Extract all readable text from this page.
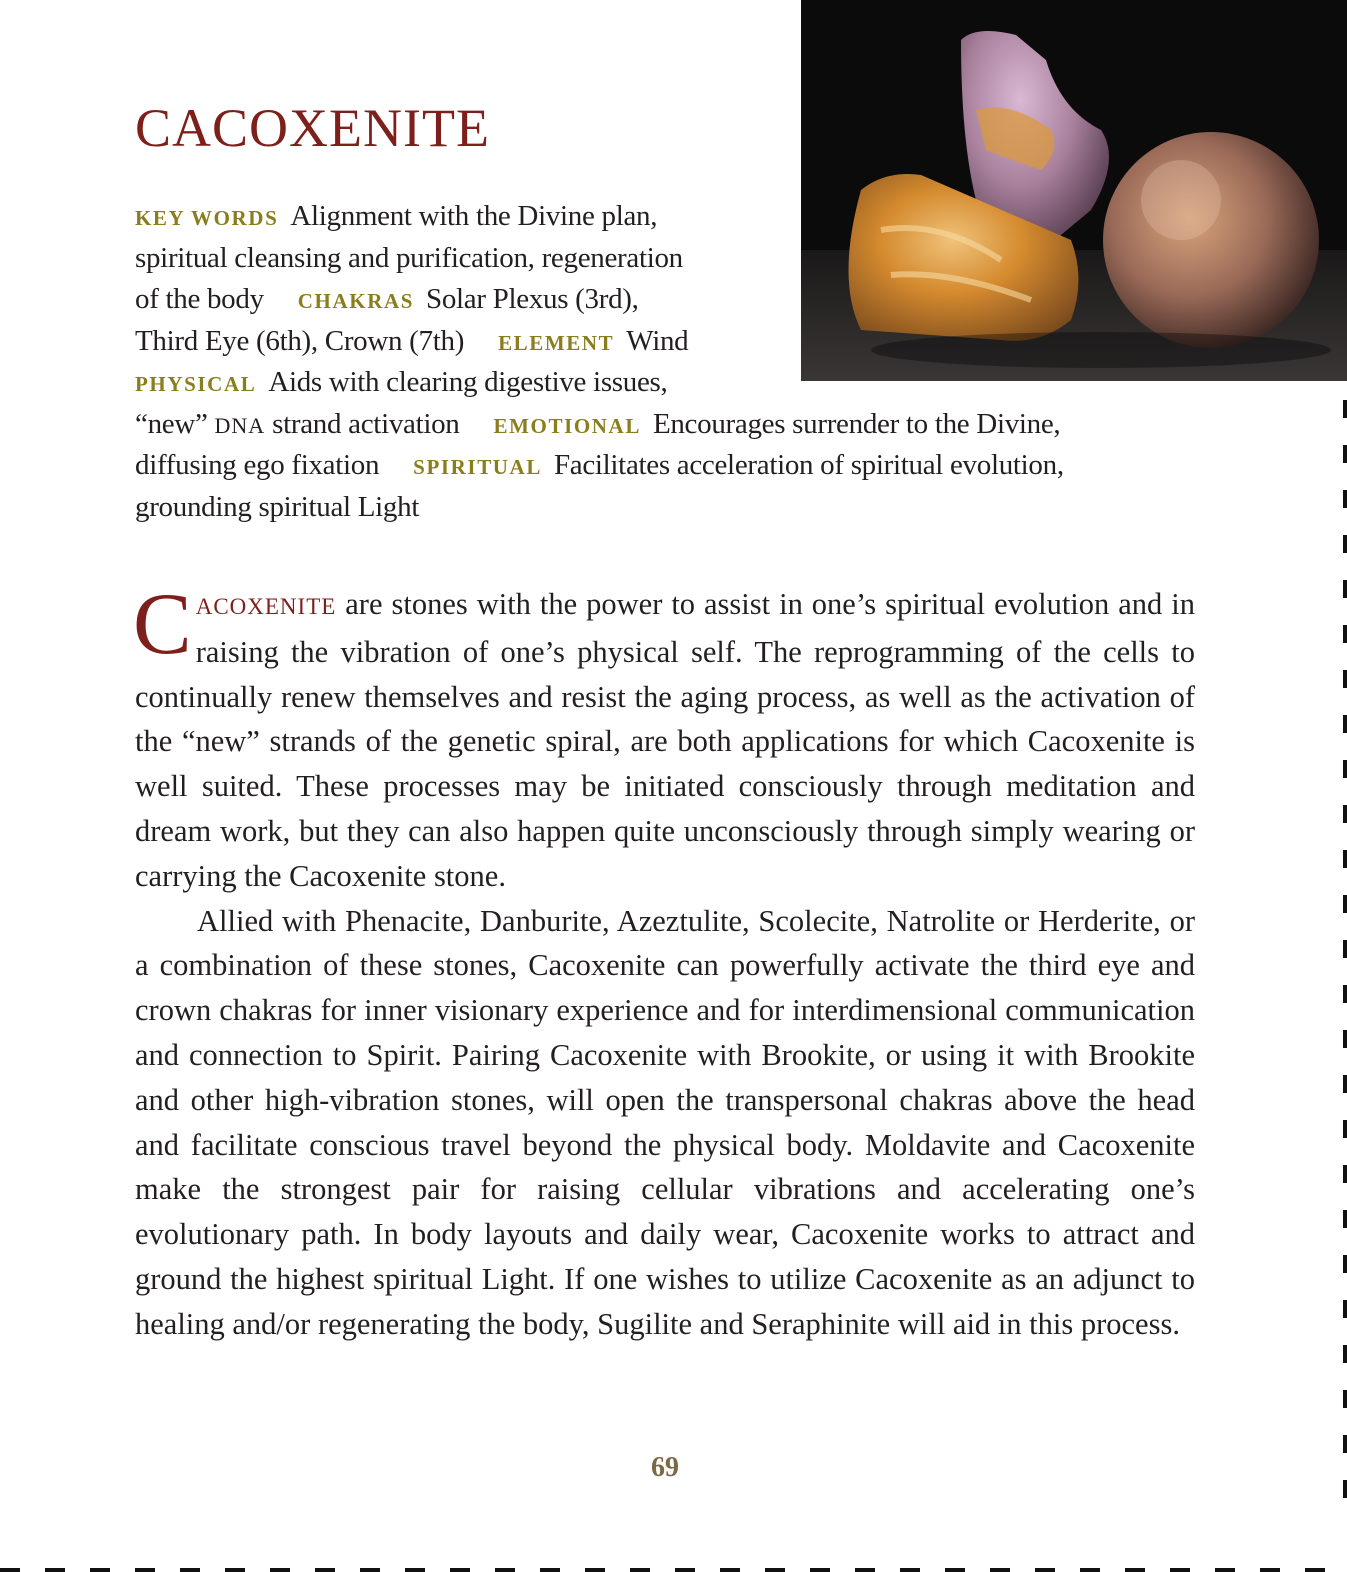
CACOXENITE
KEY WORDS Alignment with the Divine plan,
spiritual cleansing and purification, regeneration
of the body CHAKRAS Solar Plexus (3rd),
Third Eye (6th), Crown (7th) ELEMENT Wind
PHYSICAL Aids with clearing digestive issues,
“new” DNA strand activation EMOTIONAL Encourages surrender to the Divine,
diffusing ego fixation SPIRITUAL Facilitates acceleration of spiritual evolution,
grounding spiritual Light

CACOXENITE are stones with the power to assist in one’s spiritual evolution and in raising the vibration of one’s physical self. The reprogramming of the cells to continually renew themselves and resist the aging process, as well as the activation of the “new” strands of the genetic spiral, are both applications for which Cacoxenite is well suited. These processes may be initiated consciously through meditation and dream work, but they can also happen quite unconsciously through simply wearing or carrying the Cacoxenite stone.

Allied with Phenacite, Danburite, Azeztulite, Scolecite, Natrolite or Herderite, or a combination of these stones, Cacoxenite can powerfully activate the third eye and crown chakras for inner visionary experience and for interdimensional communication and connection to Spirit. Pairing Cacoxenite with Brookite, or using it with Brookite and other high-vibration stones, will open the transpersonal chakras above the head and facilitate conscious travel beyond the physical body. Moldavite and Cacoxenite make the strongest pair for raising cellular vibrations and accelerating one’s evolutionary path. In body layouts and daily wear, Cacoxenite works to attract and ground the highest spiritual Light. If one wishes to utilize Cacoxenite as an adjunct to healing and/or regenerating the body, Sugilite and Seraphinite will aid in this process.

69
